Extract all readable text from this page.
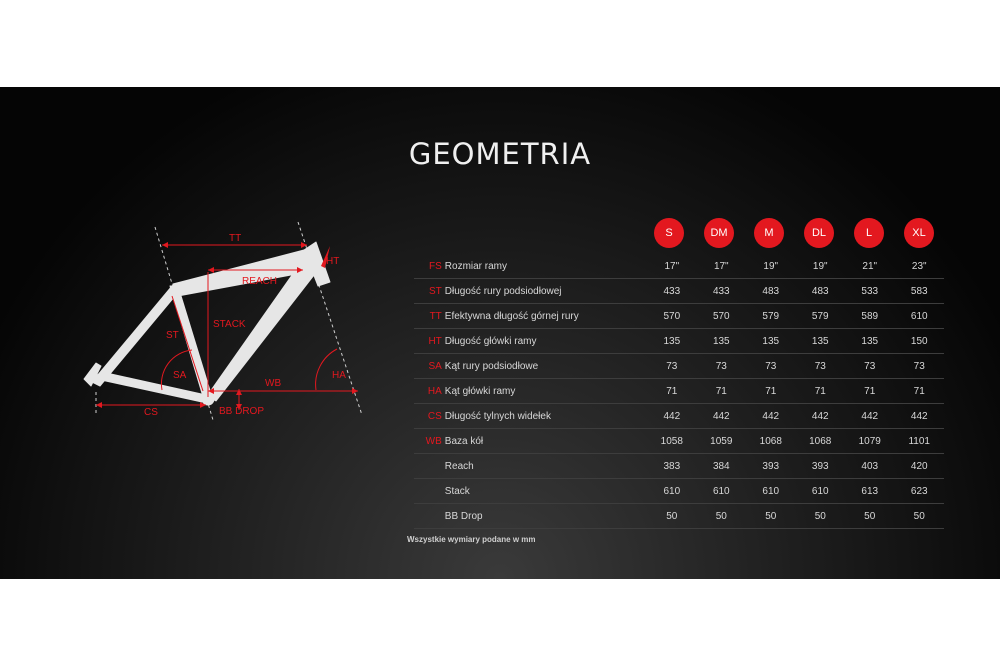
GEOMETRIA
TT
HT
REACH
ST
STACK
SA	HA
WB
CS	BB DROP
S	DM	M	DL	L	XL
FS	Rozmiar ramy	17"	17"	19"	19"	21"	23"
ST	Długość rury podsiodłowej	433	433	483	483	533	583
TT	Efektywna długość górnej rury	570	570	579	579	589	610
HT	Długość główki ramy	135	135	135	135	135	150
SA	Kąt rury podsiodłowe	73	73	73	73	73	73
HA	Kąt główki ramy	71	71	71	71	71	71
CS	Długość tylnych widełek	442	442	442	442	442	442
WB	Baza kół	1058	1059	1068	1068	1079	1101
	Reach	383	384	393	393	403	420
	Stack	610	610	610	610	613	623
	BB Drop	50	50	50	50	50	50
Wszystkie wymiary podane w mm
